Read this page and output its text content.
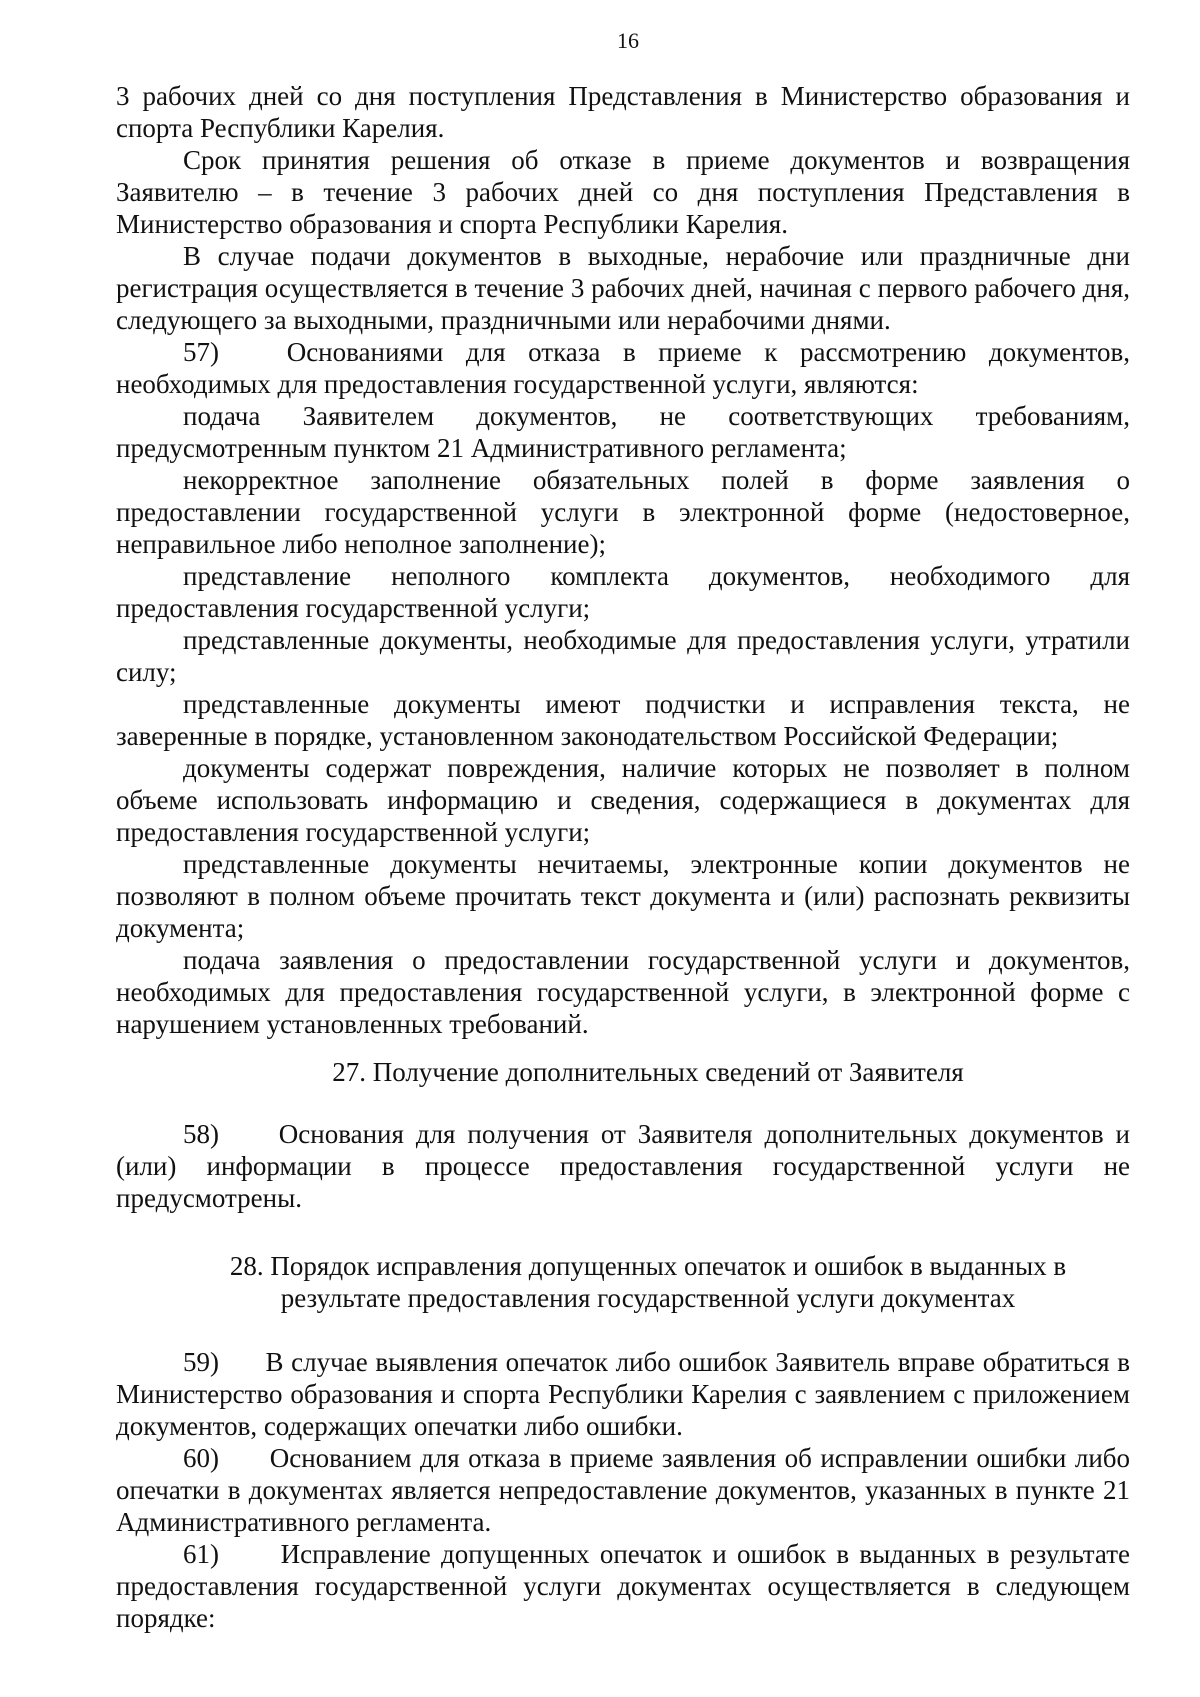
16

3 рабочих дней со дня поступления Представления в Министерство образования и спорта Республики Карелия.

Срок принятия решения об отказе в приеме документов и возвращения Заявителю – в течение 3 рабочих дней со дня поступления Представления в Министерство образования и спорта Республики Карелия.

В случае подачи документов в выходные, нерабочие или праздничные дни регистрация осуществляется в течение 3 рабочих дней, начиная с первого рабочего дня, следующего за выходными, праздничными или нерабочими днями.

57)	Основаниями для отказа в приеме к рассмотрению документов, необходимых для предоставления государственной услуги, являются:

подача Заявителем документов, не соответствующих требованиям, предусмотренным пунктом 21 Административного регламента;

некорректное заполнение обязательных полей в форме заявления о предоставлении государственной услуги в электронной форме (недостоверное, неправильное либо неполное заполнение);

представление неполного комплекта документов, необходимого для предоставления государственной услуги;

представленные документы, необходимые для предоставления услуги, утратили силу;

представленные документы имеют подчистки и исправления текста, не заверенные в порядке, установленном законодательством Российской Федерации;

документы содержат повреждения, наличие которых не позволяет в полном объеме использовать информацию и сведения, содержащиеся в документах для предоставления государственной услуги;

представленные документы нечитаемы, электронные копии документов не позволяют в полном объеме прочитать текст документа и (или) распознать реквизиты документа;

подача заявления о предоставлении государственной услуги и документов, необходимых для предоставления государственной услуги, в электронной форме с нарушением установленных требований.

27. Получение дополнительных сведений от Заявителя

58) Основания для получения от Заявителя дополнительных документов и (или) информации в процессе предоставления государственной услуги не предусмотрены.

28. Порядок исправления допущенных опечаток и ошибок в выданных в
результате предоставления государственной услуги документах

59) В случае выявления опечаток либо ошибок Заявитель вправе обратиться в Министерство образования и спорта Республики Карелия с заявлением с приложением документов, содержащих опечатки либо ошибки.

60) Основанием для отказа в приеме заявления об исправлении ошибки либо опечатки в документах является непредоставление документов, указанных в пункте 21 Административного регламента.

61) Исправление допущенных опечаток и ошибок в выданных в результате предоставления государственной услуги документах осуществляется в следующем порядке:
